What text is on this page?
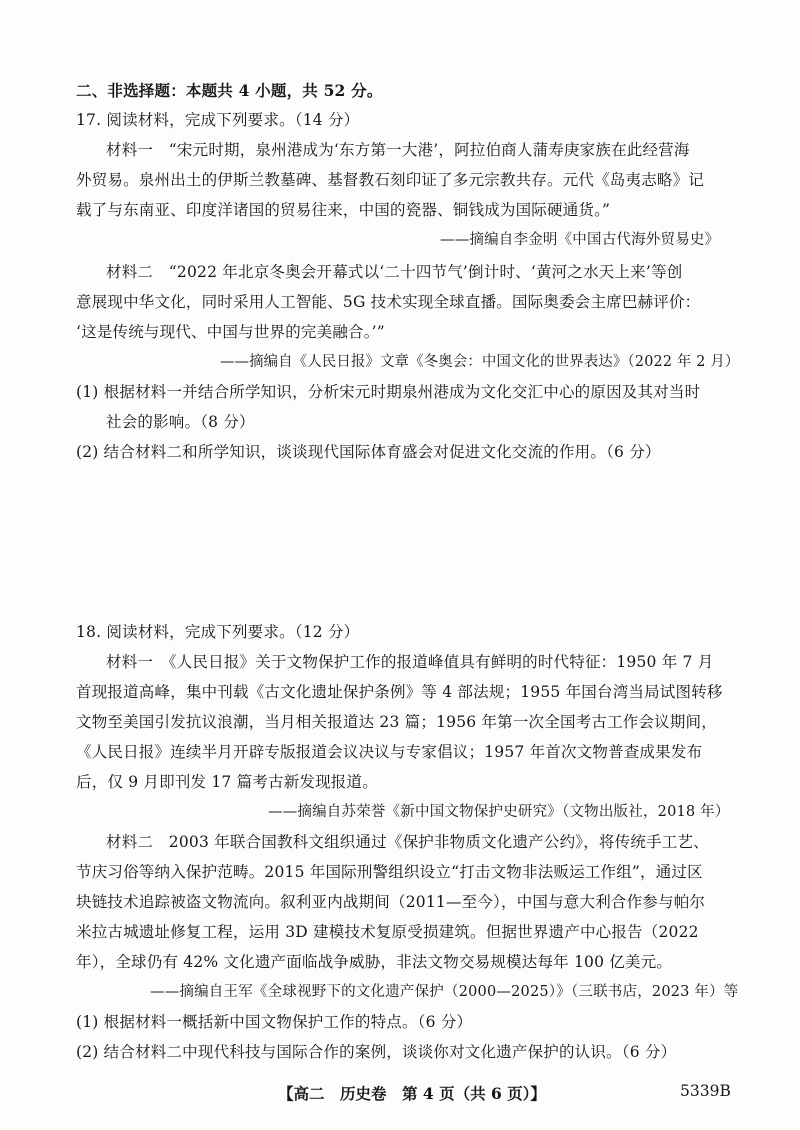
二、非选择题：本题共 4 小题，共 52 分。
17. 阅读材料，完成下列要求。（14 分）
材料一　“宋元时期，泉州港成为‘东方第一大港’，阿拉伯商人蒲寿庚家族在此经营海
外贸易。泉州出土的伊斯兰教墓碑、基督教石刻印证了多元宗教共存。元代《岛夷志略》记
载了与东南亚、印度洋诸国的贸易往来，中国的瓷器、铜钱成为国际硬通货。”
——摘编自李金明《中国古代海外贸易史》
材料二　“2022 年北京冬奥会开幕式以‘二十四节气’倒计时、‘黄河之水天上来’等创
意展现中华文化，同时采用人工智能、5G 技术实现全球直播。国际奥委会主席巴赫评价：
‘这是传统与现代、中国与世界的完美融合。’”
——摘编自《人民日报》文章《冬奥会：中国文化的世界表达》（2022 年 2 月）
(1) 根据材料一并结合所学知识，分析宋元时期泉州港成为文化交汇中心的原因及其对当时
社会的影响。（8 分）
(2) 结合材料二和所学知识，谈谈现代国际体育盛会对促进文化交流的作用。（6 分）
18. 阅读材料，完成下列要求。（12 分）
材料一　《人民日报》关于文物保护工作的报道峰值具有鲜明的时代特征：1950 年 7 月
首现报道高峰，集中刊载《古文化遗址保护条例》等 4 部法规；1955 年国台湾当局试图转移
文物至美国引发抗议浪潮，当月相关报道达 23 篇；1956 年第一次全国考古工作会议期间，
《人民日报》连续半月开辟专版报道会议决议与专家倡议；1957 年首次文物普查成果发布
后，仅 9 月即刊发 17 篇考古新发现报道。
——摘编自苏荣誉《新中国文物保护史研究》（文物出版社，2018 年）
材料二　2003 年联合国教科文组织通过《保护非物质文化遗产公约》，将传统手工艺、
节庆习俗等纳入保护范畴。2015 年国际刑警组织设立“打击文物非法贩运工作组”，通过区
块链技术追踪被盗文物流向。叙利亚内战期间（2011—至今），中国与意大利合作参与帕尔
米拉古城遗址修复工程，运用 3D 建模技术复原受损建筑。但据世界遗产中心报告（2022
年），全球仍有 42% 文化遗产面临战争威胁，非法文物交易规模达每年 100 亿美元。
——摘编自王军《全球视野下的文化遗产保护（2000—2025）》（三联书店，2023 年）等
(1) 根据材料一概括新中国文物保护工作的特点。（6 分）
(2) 结合材料二中现代科技与国际合作的案例，谈谈你对文化遗产保护的认识。（6 分）
【高二　历史卷　第 4 页（共 6 页）】	5339B
